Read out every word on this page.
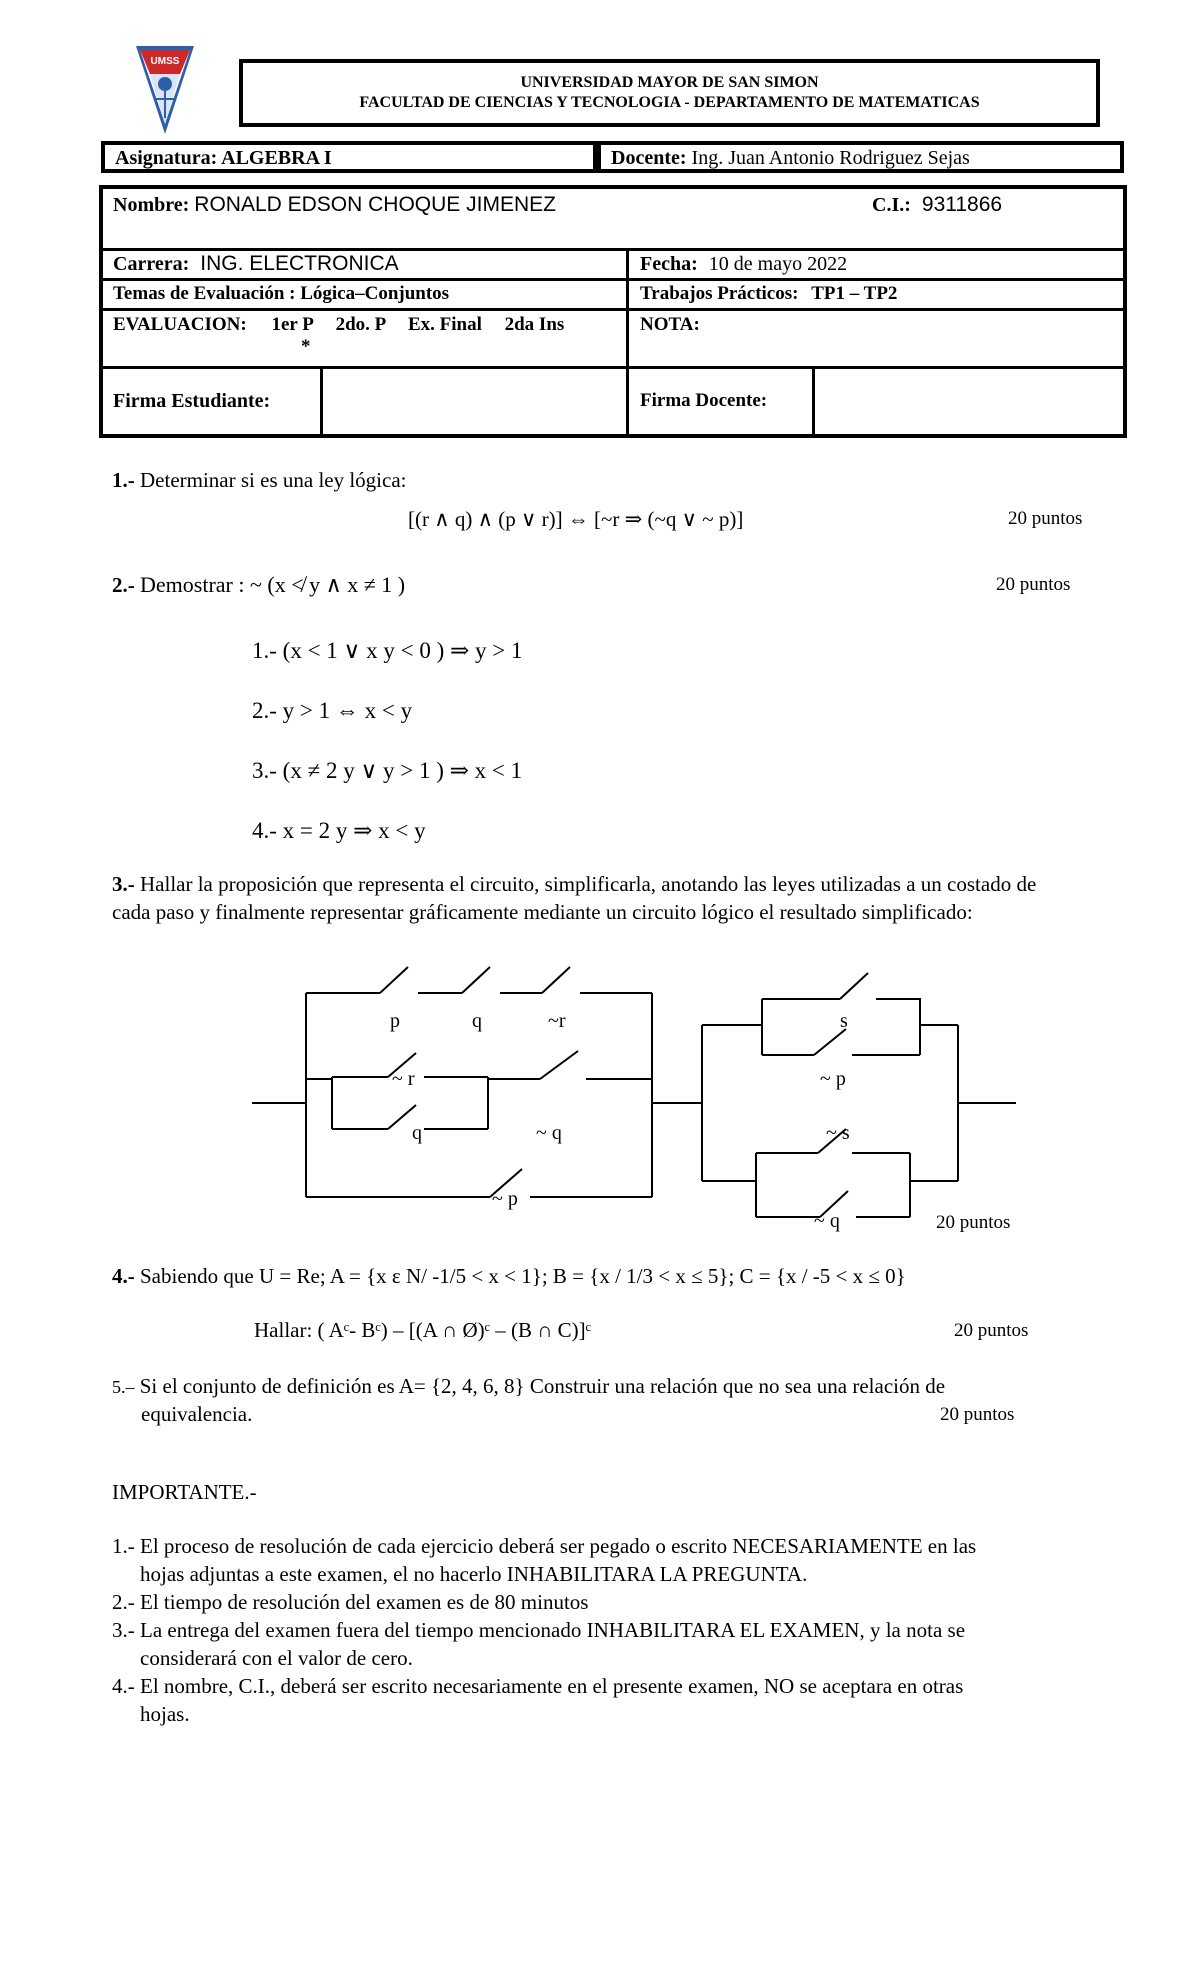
UMSS
UNIVERSIDAD MAYOR DE SAN SIMON
FACULTAD DE CIENCIAS Y TECNOLOGIA - DEPARTAMENTO DE MATEMATICAS
Asignatura: ALGEBRA I	Docente: Ing. Juan Antonio Rodriguez Sejas
Nombre: RONALD EDSON CHOQUE JIMENEZ	C.I.: 9311866
Carrera: ING. ELECTRONICA	Fecha: 10 de mayo 2022
Temas de Evaluación : Lógica–Conjuntos	Trabajos Prácticos: TP1 – TP2
EVALUACION: 1er P 2do. P Ex. Final 2da Ins
*
NOTA:
Firma Estudiante:	Firma Docente:
1.- Determinar si es una ley lógica:
[(r ∧ q) ∧ (p ∨ r)] ⇔ [~r ⇒ (~q ∨ ~ p)]	20 puntos
2.- Demostrar : ~ (x ≮ y ∧ x ≠ 1 )	20 puntos
1.- (x < 1 ∨ x y < 0 ) ⇒ y > 1
2.- y > 1 ⇔ x < y
3.- (x ≠ 2 y ∨ y > 1 ) ⇒ x < 1
4.- x = 2 y ⇒ x < y
3.- Hallar la proposición que representa el circuito, simplificarla, anotando las leyes utilizadas a un costado de cada paso y finalmente representar gráficamente mediante un circuito lógico el resultado simplificado:
p	q	~r
~ r
q	~ q
~ p
s
~ p
~ s
~ q	20 puntos
4.- Sabiendo que U = Re; A = {x ε N/ -1/5 < x < 1}; B = {x / 1/3 < x ≤ 5}; C = {x / -5 < x ≤ 0}
Hallar: ( Aᶜ- Bᶜ) – [(A ∩ Ø)ᶜ – (B ∩ C)]ᶜ	20 puntos
5.– Si el conjunto de definición es A= {2, 4, 6, 8} Construir una relación que no sea una relación de
equivalencia.	20 puntos
IMPORTANTE.-
1.- El proceso de resolución de cada ejercicio deberá ser pegado o escrito NECESARIAMENTE en las
hojas adjuntas a este examen, el no hacerlo INHABILITARA LA PREGUNTA.
2.- El tiempo de resolución del examen es de 80 minutos
3.- La entrega del examen fuera del tiempo mencionado INHABILITARA EL EXAMEN, y la nota se
considerará con el valor de cero.
4.- El nombre, C.I., deberá ser escrito necesariamente en el presente examen, NO se aceptara en otras
hojas.
